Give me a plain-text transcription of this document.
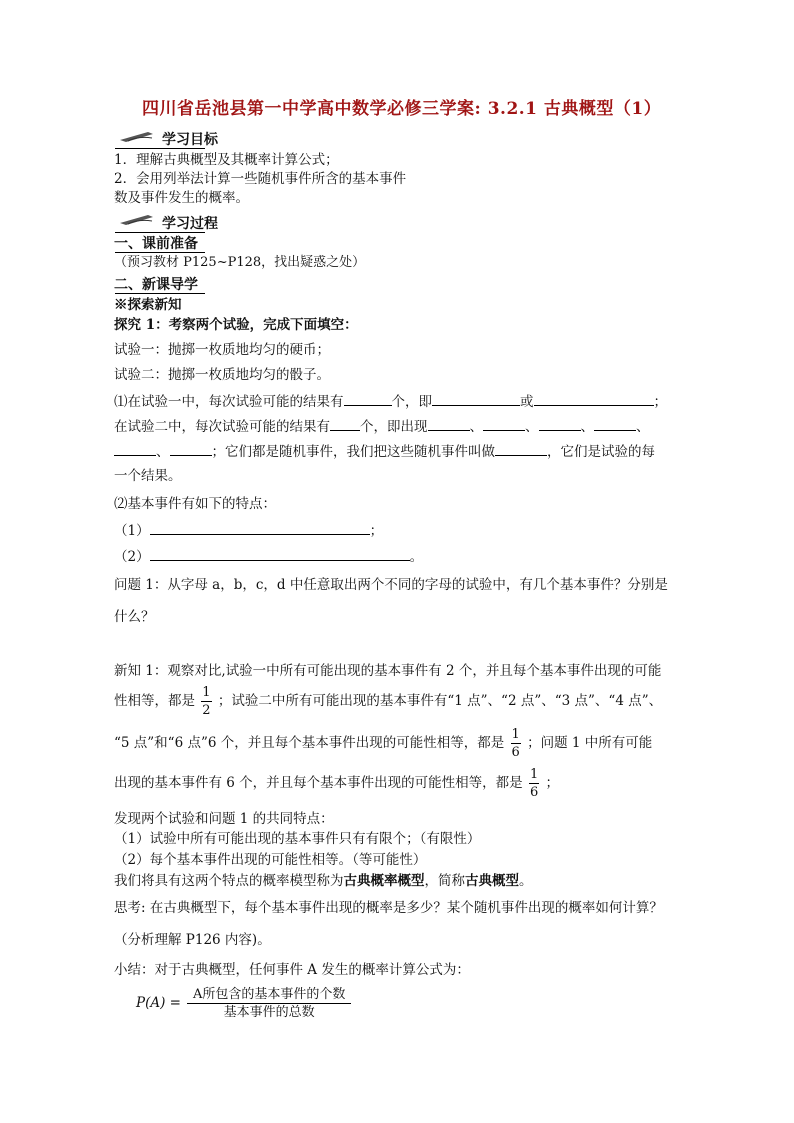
四川省岳池县第一中学高中数学必修三学案: 3.2.1 古典概型（1）
学习目标
1．理解古典概型及其概率计算公式；
2．会用列举法计算一些随机事件所含的基本事件
数及事件发生的概率。
学习过程
一、课前准备
（预习教材 P125~P128，找出疑惑之处）
二、新课导学
※探索新知
探究 1：考察两个试验，完成下面填空：
试验一：抛掷一枚质地均匀的硬币；
试验二：抛掷一枚质地均匀的骰子。
⑴在试验一中，每次试验可能的结果有	个，即	或	；
在试验二中，每次试验可能的结果有 个，即出现	、	、	、	、
、	；它们都是随机事件，我们把这些随机事件叫做	，它们是试验的每
一个结果。
⑵基本事件有如下的特点：
（1）	；
（2）	。
问题 1：从字母 a，b，c，d 中任意取出两个不同的字母的试验中，有几个基本事件？分别是
什么？
新知 1：观察对比,试验一中所有可能出现的基本事件有 2 个，并且每个基本事件出现的可能
性相等，都是 $\frac{1}{2}$ ；试验二中所有可能出现的基本事件有“1 点”、“2 点”、“3 点”、“4 点”、
“5 点”和“6 点”6 个，并且每个基本事件出现的可能性相等，都是 $\frac{1}{6}$ ；问题 1 中所有可能
出现的基本事件有 6 个，并且每个基本事件出现的可能性相等，都是 $\frac{1}{6}$ ；
发现两个试验和问题 1 的共同特点：
（1）试验中所有可能出现的基本事件只有有限个；（有限性）
（2）每个基本事件出现的可能性相等。（等可能性）
我们将具有这两个特点的概率模型称为古典概率概型，简称古典概型。
思考: 在古典概型下，每个基本事件出现的概率是多少？某个随机事件出现的概率如何计算？
（分析理解 P126 内容)。
小结：对于古典概型，任何事件 A 发生的概率计算公式为：
$P(A) = \frac{\text{A所包含的基本事件的个数}}{\text{基本事件的总数}}$
